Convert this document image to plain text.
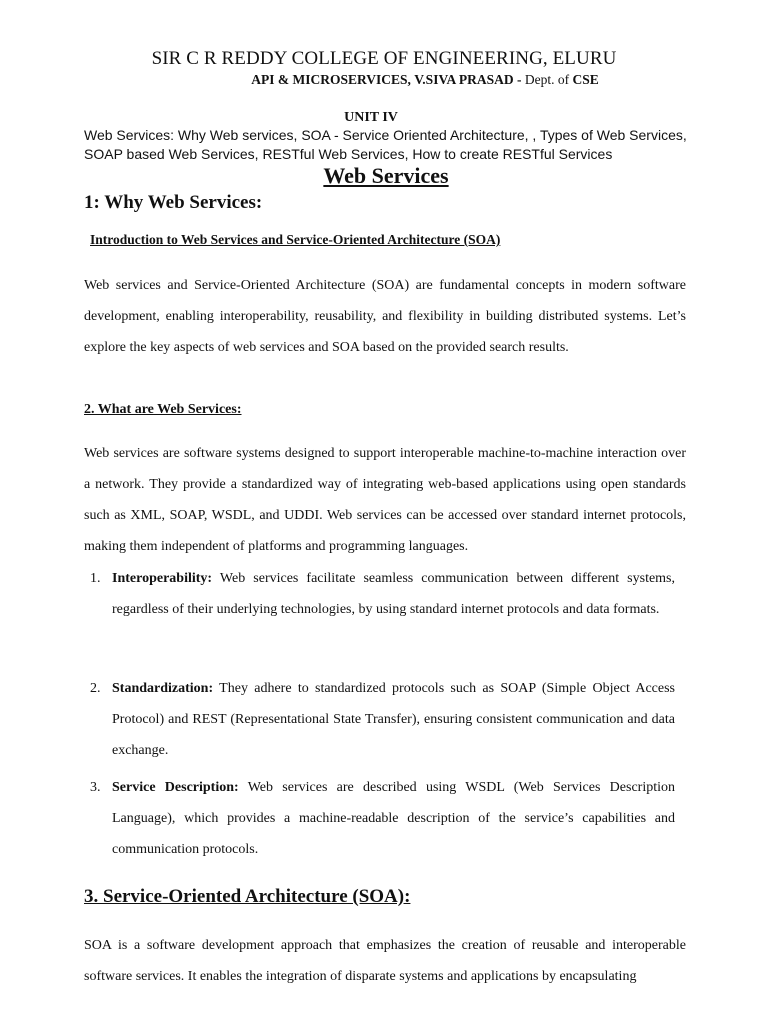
SIR C R REDDY COLLEGE OF ENGINEERING, ELURU
API & MICROSERVICES, V.SIVA PRASAD - Dept. of CSE
UNIT IV
Web Services: Why Web services, SOA - Service Oriented Architecture, , Types of Web Services, SOAP based Web Services, RESTful Web Services, How to create RESTful Services
Web Services
1: Why Web Services:
Introduction to Web Services and Service-Oriented Architecture (SOA)
Web services and Service-Oriented Architecture (SOA) are fundamental concepts in modern software development, enabling interoperability, reusability, and flexibility in building distributed systems. Let’s explore the key aspects of web services and SOA based on the provided search results.
2. What are Web Services:
Web services are software systems designed to support interoperable machine-to-machine interaction over a network. They provide a standardized way of integrating web-based applications using open standards such as XML, SOAP, WSDL, and UDDI. Web services can be accessed over standard internet protocols, making them independent of platforms and programming languages.
1. Interoperability: Web services facilitate seamless communication between different systems, regardless of their underlying technologies, by using standard internet protocols and data formats.
2. Standardization: They adhere to standardized protocols such as SOAP (Simple Object Access Protocol) and REST (Representational State Transfer), ensuring consistent communication and data exchange.
3. Service Description: Web services are described using WSDL (Web Services Description Language), which provides a machine-readable description of the service’s capabilities and communication protocols.
3. Service-Oriented Architecture (SOA):
SOA is a software development approach that emphasizes the creation of reusable and interoperable software services. It enables the integration of disparate systems and applications by encapsulating
